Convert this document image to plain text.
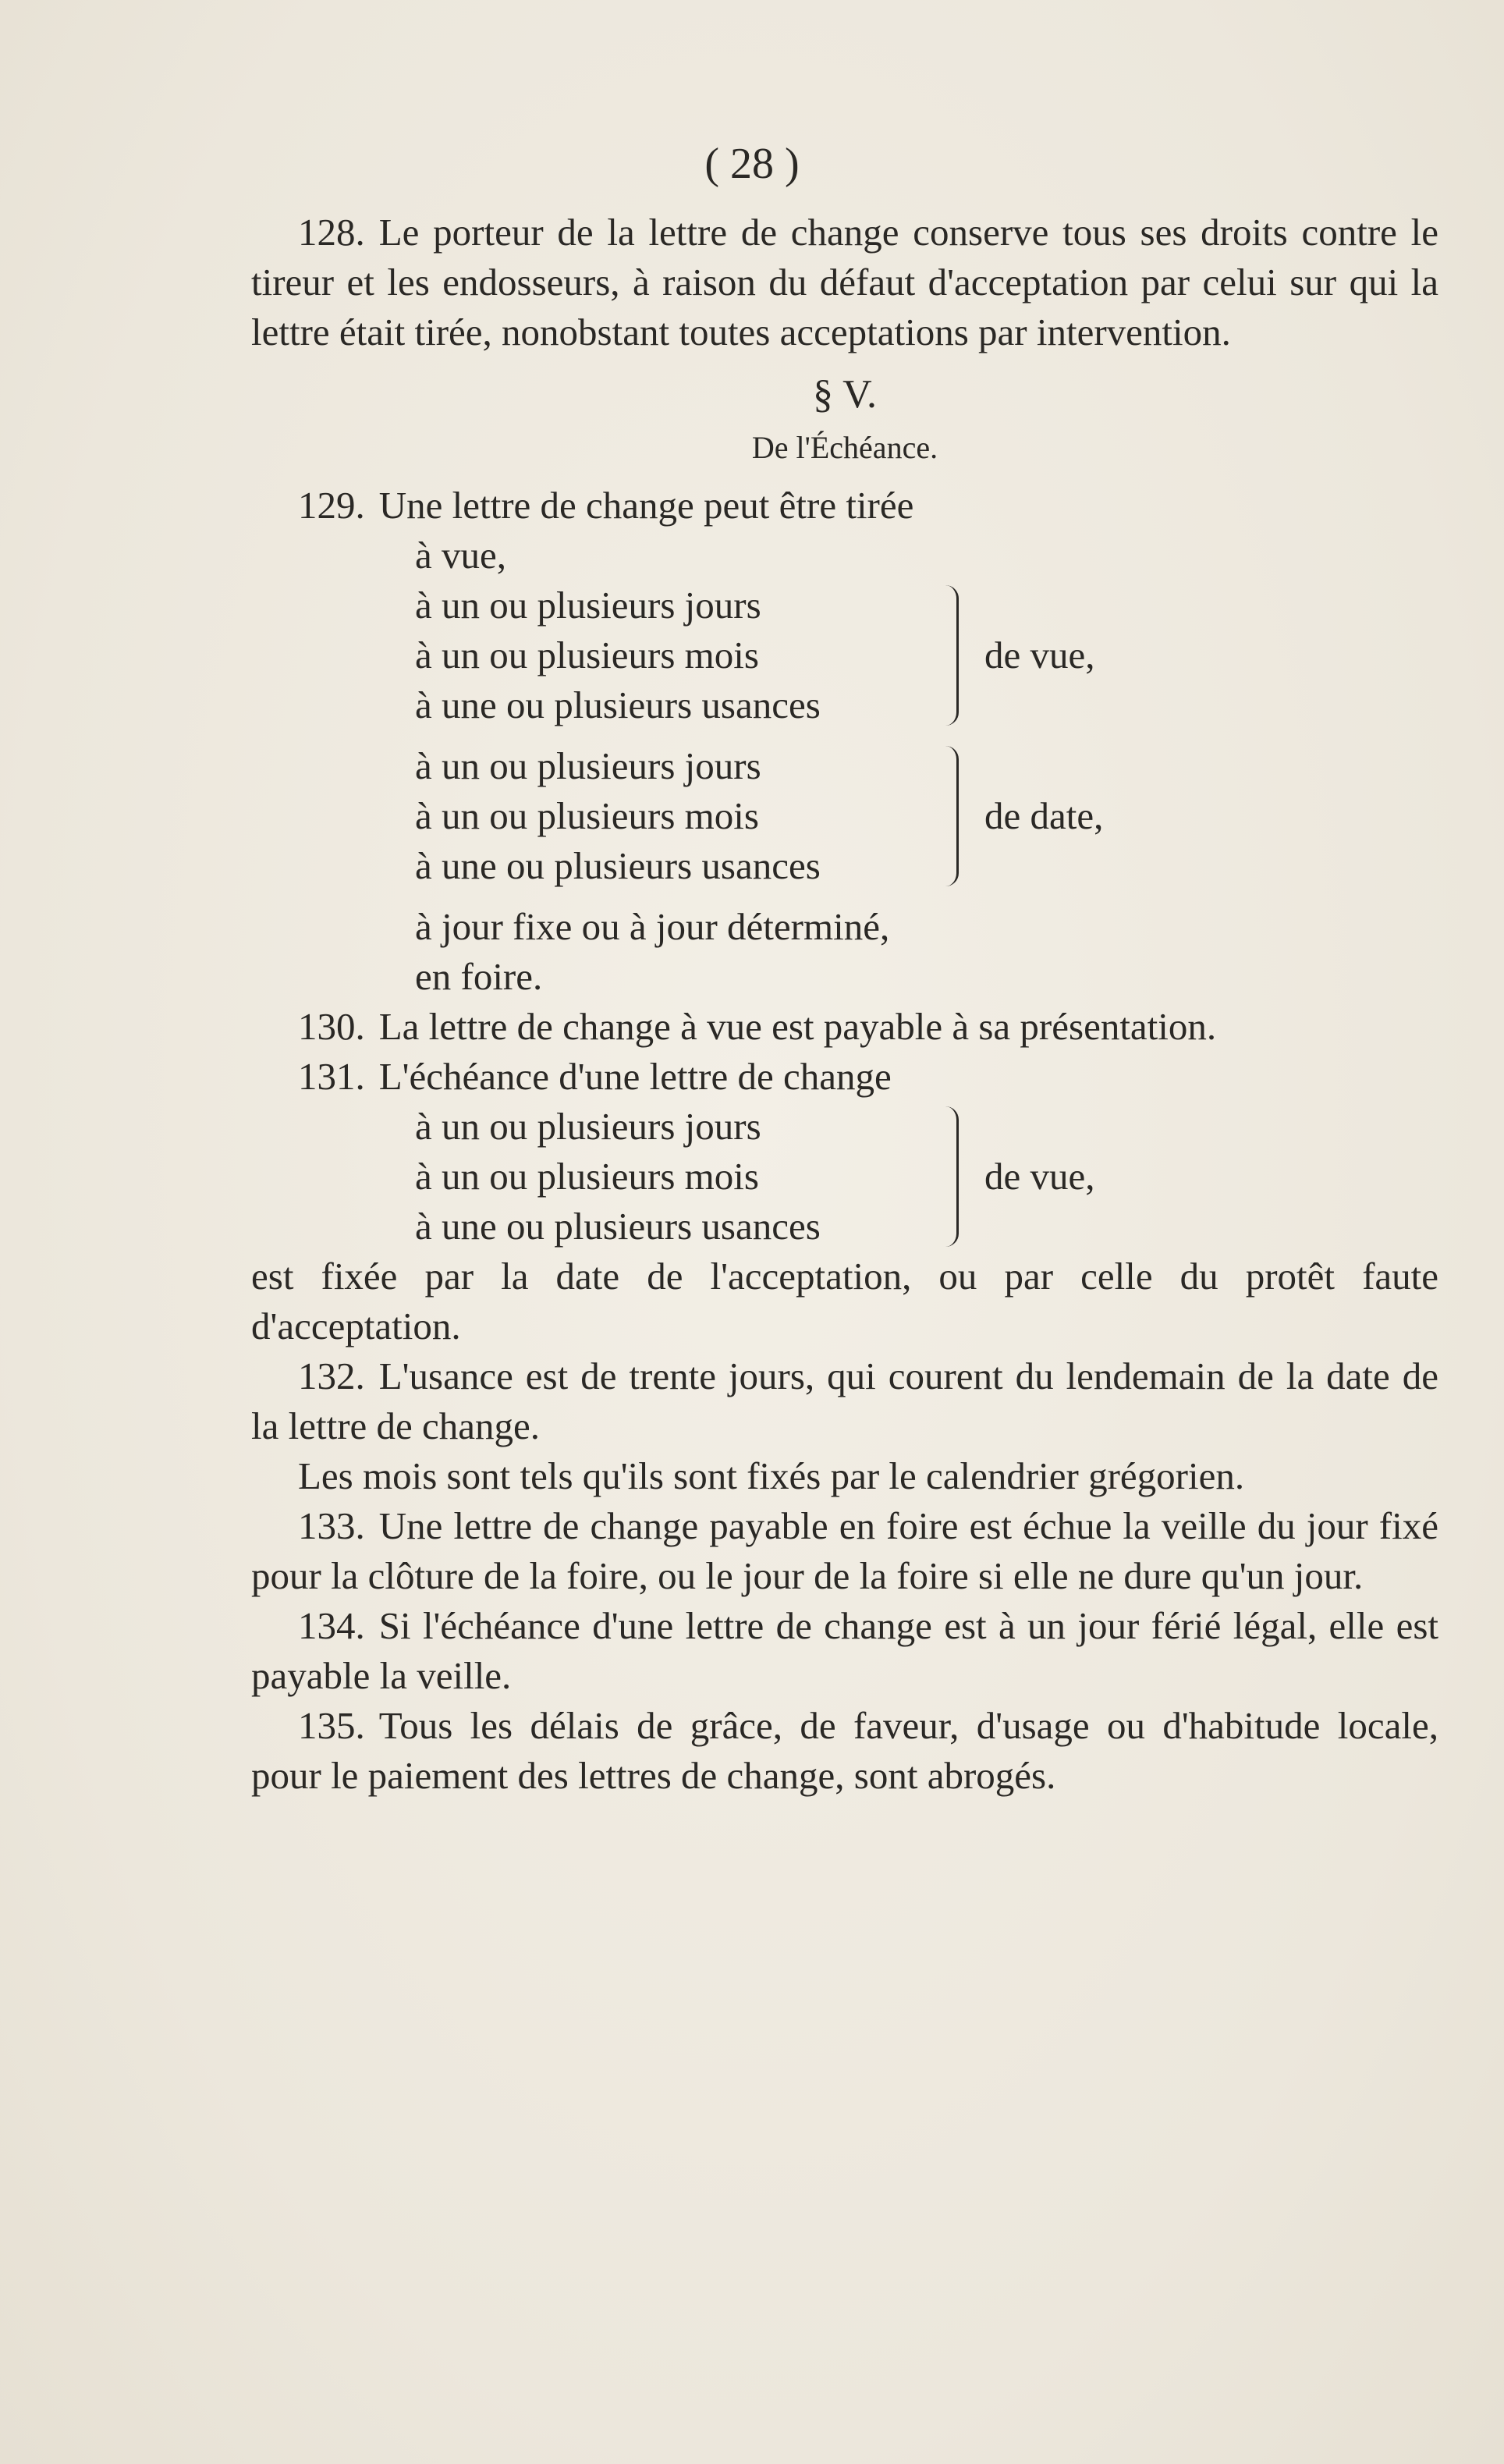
( 28 )

128. Le porteur de la lettre de change conserve tous ses droits contre le tireur et les endosseurs, à raison du défaut d'acceptation par celui sur qui la lettre était tirée, nonobstant toutes acceptations par intervention.

§ V.
De l'Échéance.

129. Une lettre de change peut être tirée

à vue,
à un ou plusieurs jours
à un ou plusieurs mois
à une ou plusieurs usances
de vue,
à un ou plusieurs jours
à un ou plusieurs mois
à une ou plusieurs usances
de date,
à jour fixe ou à jour déterminé,
en foire.

130. La lettre de change à vue est payable à sa présentation.

131. L'échéance d'une lettre de change

à un ou plusieurs jours
à un ou plusieurs mois
à une ou plusieurs usances
de vue,

est fixée par la date de l'acceptation, ou par celle du protêt faute d'acceptation.

132. L'usance est de trente jours, qui courent du lendemain de la date de la lettre de change.

Les mois sont tels qu'ils sont fixés par le calendrier grégorien.

133. Une lettre de change payable en foire est échue la veille du jour fixé pour la clôture de la foire, ou le jour de la foire si elle ne dure qu'un jour.

134. Si l'échéance d'une lettre de change est à un jour férié légal, elle est payable la veille.

135. Tous les délais de grâce, de faveur, d'usage ou d'habitude locale, pour le paiement des lettres de change, sont abrogés.
